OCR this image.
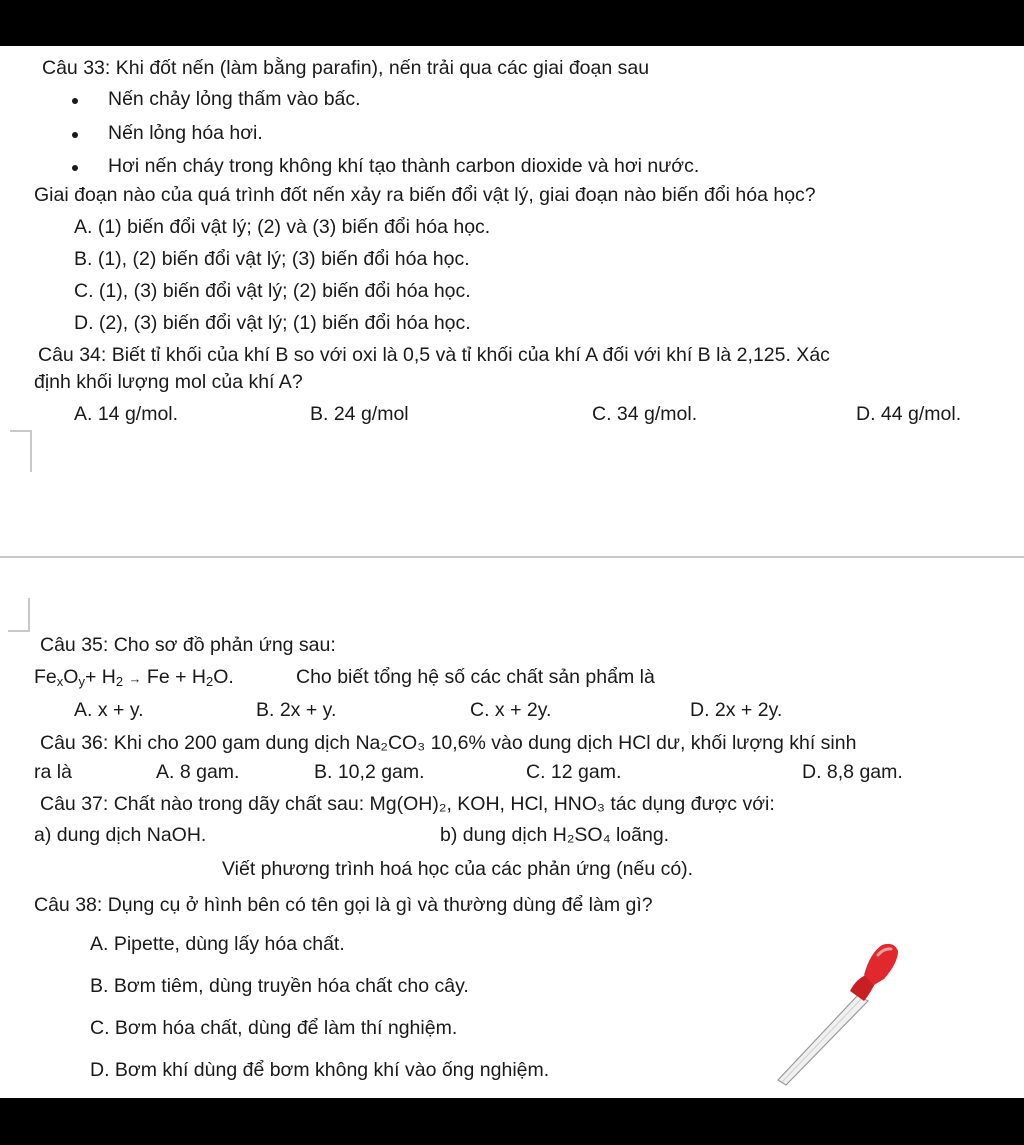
Câu 33: Khi đốt nến (làm bằng parafin), nến trải qua các giai đoạn sau
Nến chảy lỏng thấm vào bấc.
Nến lỏng hóa hơi.
Hơi nến cháy trong không khí tạo thành carbon dioxide và hơi nước.
Giai đoạn nào của quá trình đốt nến xảy ra biến đổi vật lý, giai đoạn nào biến đổi hóa học?
A. (1) biến đổi vật lý; (2) và (3) biến đổi hóa học.
B. (1), (2) biến đổi vật lý; (3) biến đổi hóa học.
C. (1), (3) biến đổi vật lý; (2) biến đổi hóa học.
D. (2), (3) biến đổi vật lý; (1) biến đổi hóa học.
Câu 34: Biết tỉ khối của khí B so với oxi là 0,5 và tỉ khối của khí A đối với khí B là 2,125. Xác
định khối lượng mol của khí A?
A. 14 g/mol.	B. 24 g/mol	C. 34 g/mol.	D. 44 g/mol.
Câu 35: Cho sơ đồ phản ứng sau:
$Fe_xO_y+ H_2 \to Fe + H_2O$.	Cho biết tổng hệ số các chất sản phẩm là
A. x + y.	B. 2x + y.	C. x + 2y.	D. 2x + 2y.
Câu 36: Khi cho 200 gam dung dịch Na₂CO₃ 10,6% vào dung dịch HCl dư, khối lượng khí sinh
ra là	A. 8 gam.	B. 10,2 gam.	C. 12 gam.	D. 8,8 gam.
Câu 37: Chất nào trong dãy chất sau: Mg(OH)₂, KOH, HCl, HNO₃ tác dụng được với:
a) dung dịch NaOH.	b) dung dịch H₂SO₄ loãng.
Viết phương trình hoá học của các phản ứng (nếu có).
Câu 38: Dụng cụ ở hình bên có tên gọi là gì và thường dùng để làm gì?
A. Pipette, dùng lấy hóa chất.
B. Bơm tiêm, dùng truyền hóa chất cho cây.
C. Bơm hóa chất, dùng để làm thí nghiệm.
D. Bơm khí dùng để bơm không khí vào ống nghiệm.
